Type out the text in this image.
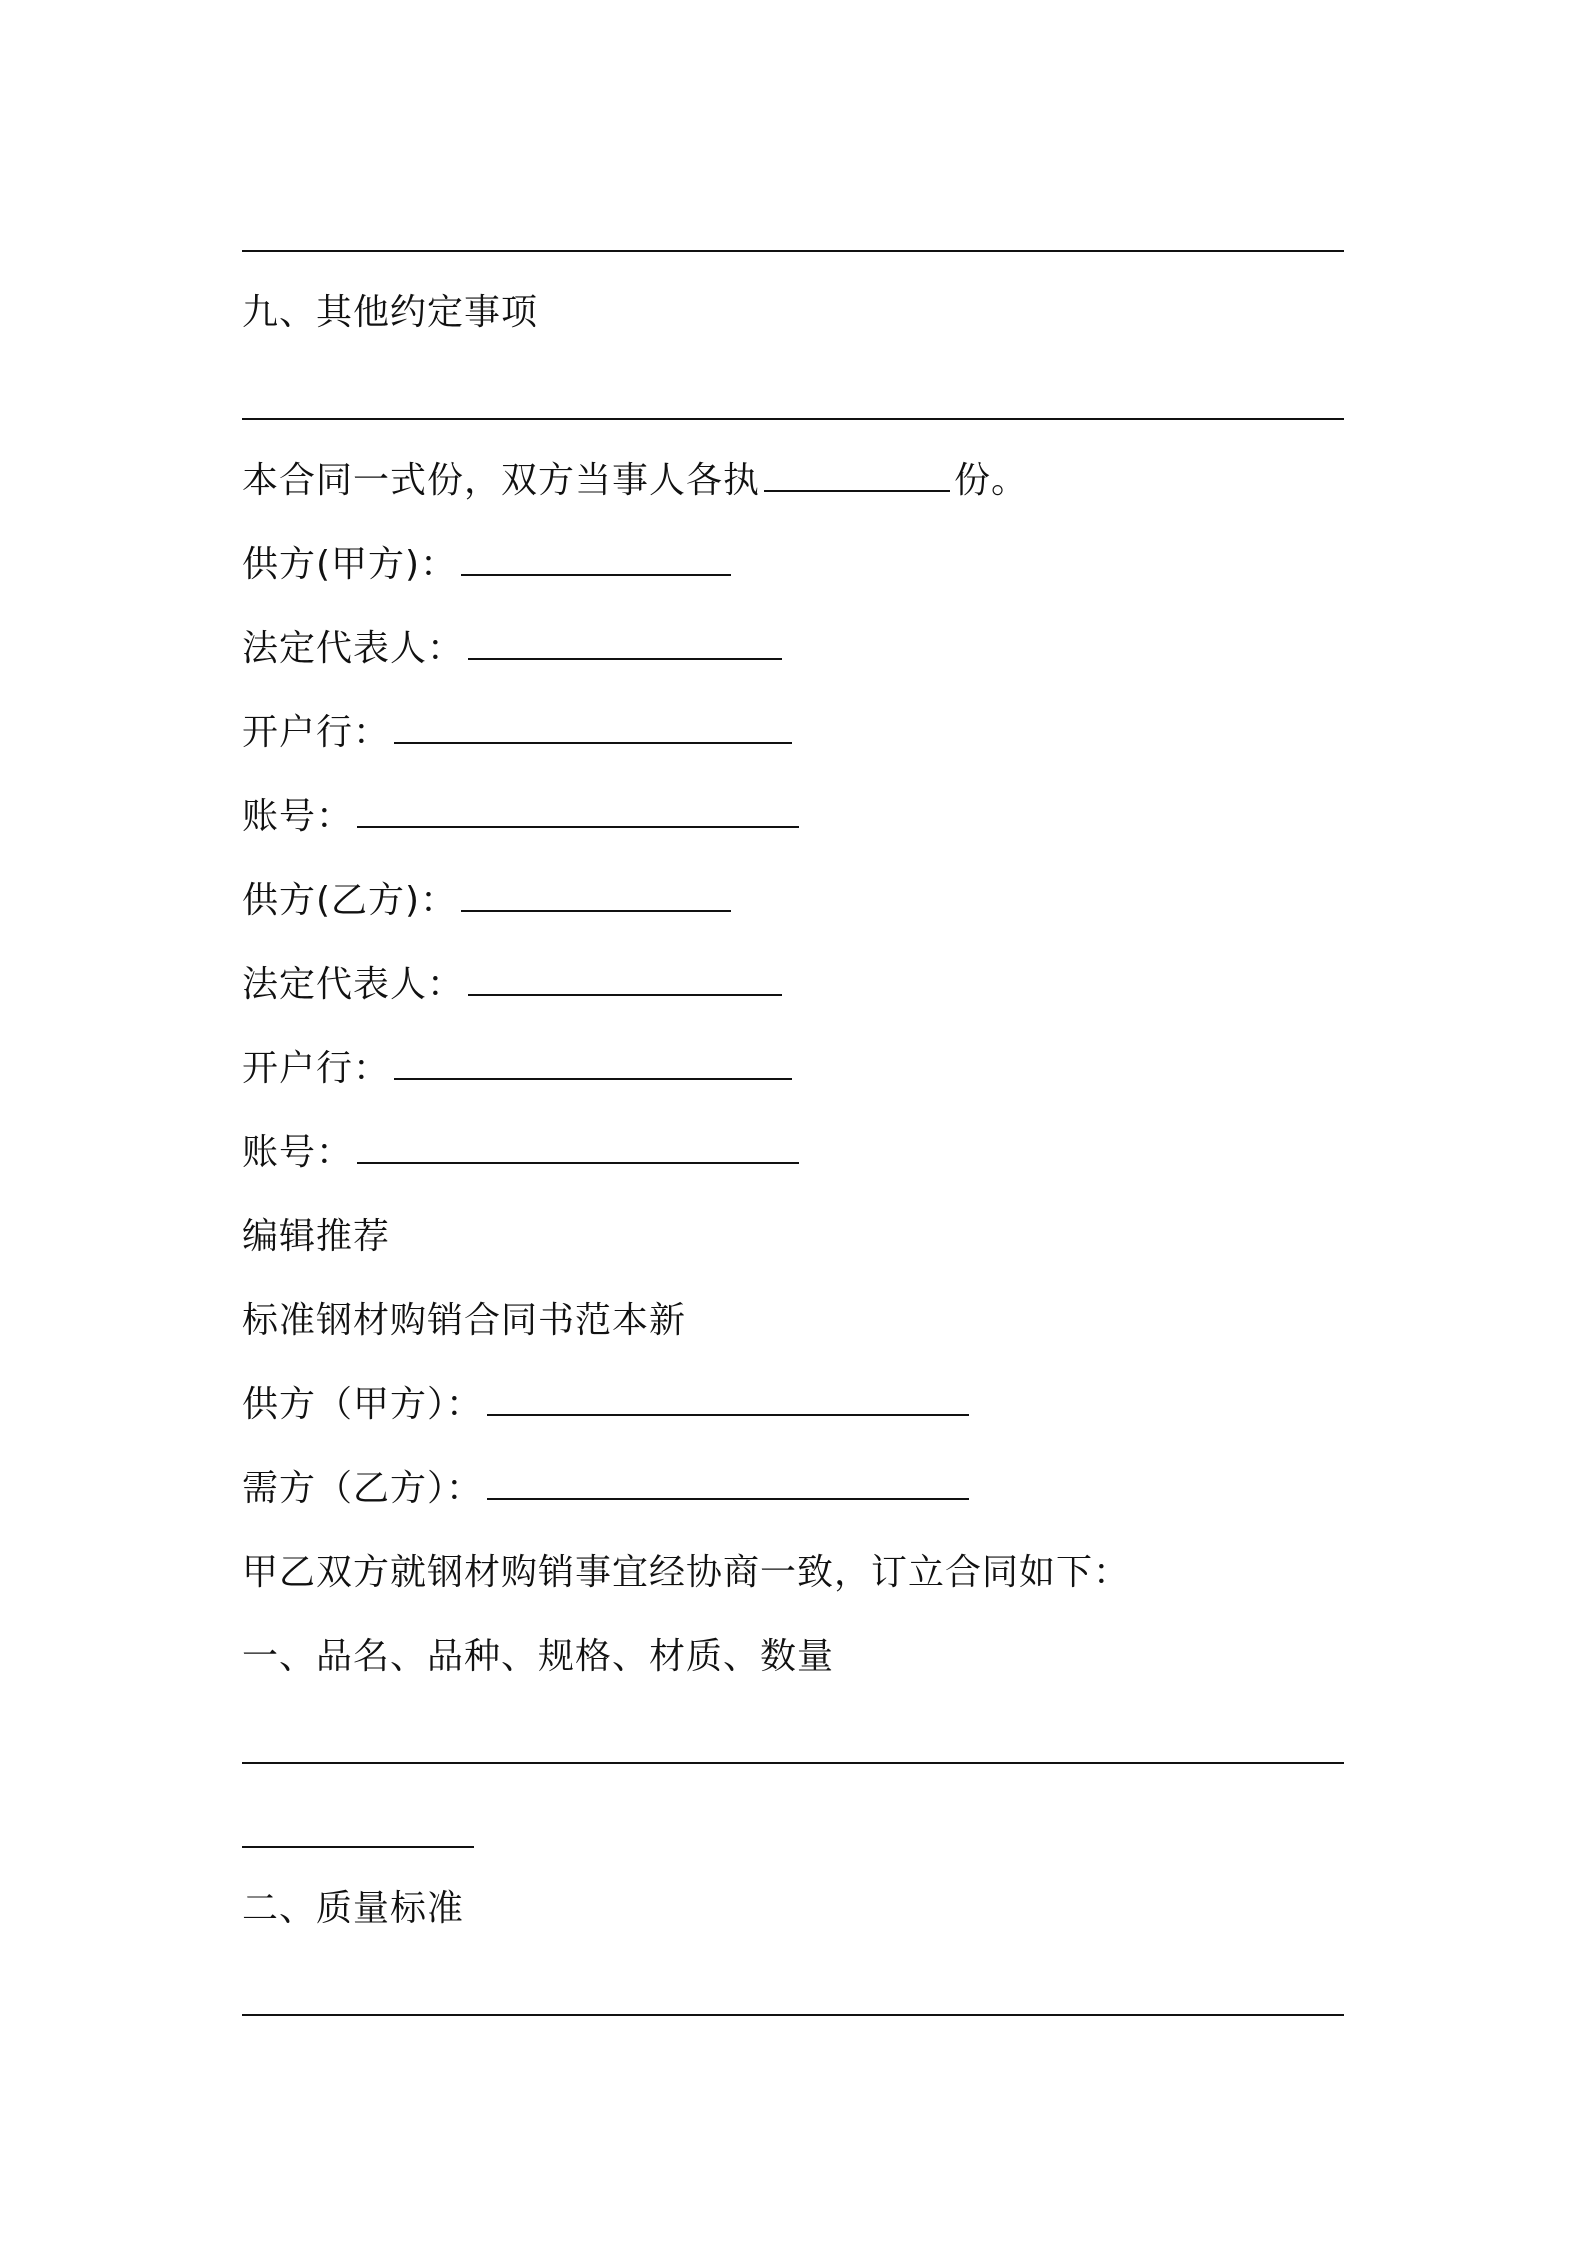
九、其他约定事项
本合同一式份，双方当事人各执	份。
供方(甲方)：
法定代表人：
开户行：
账号：
供方(乙方)：
法定代表人：
开户行：
账号：
编辑推荐
标准钢材购销合同书范本新
供方（甲方）：
需方（乙方）：
甲乙双方就钢材购销事宜经协商一致，订立合同如下：
一、品名、品种、规格、材质、数量
二、质量标准
